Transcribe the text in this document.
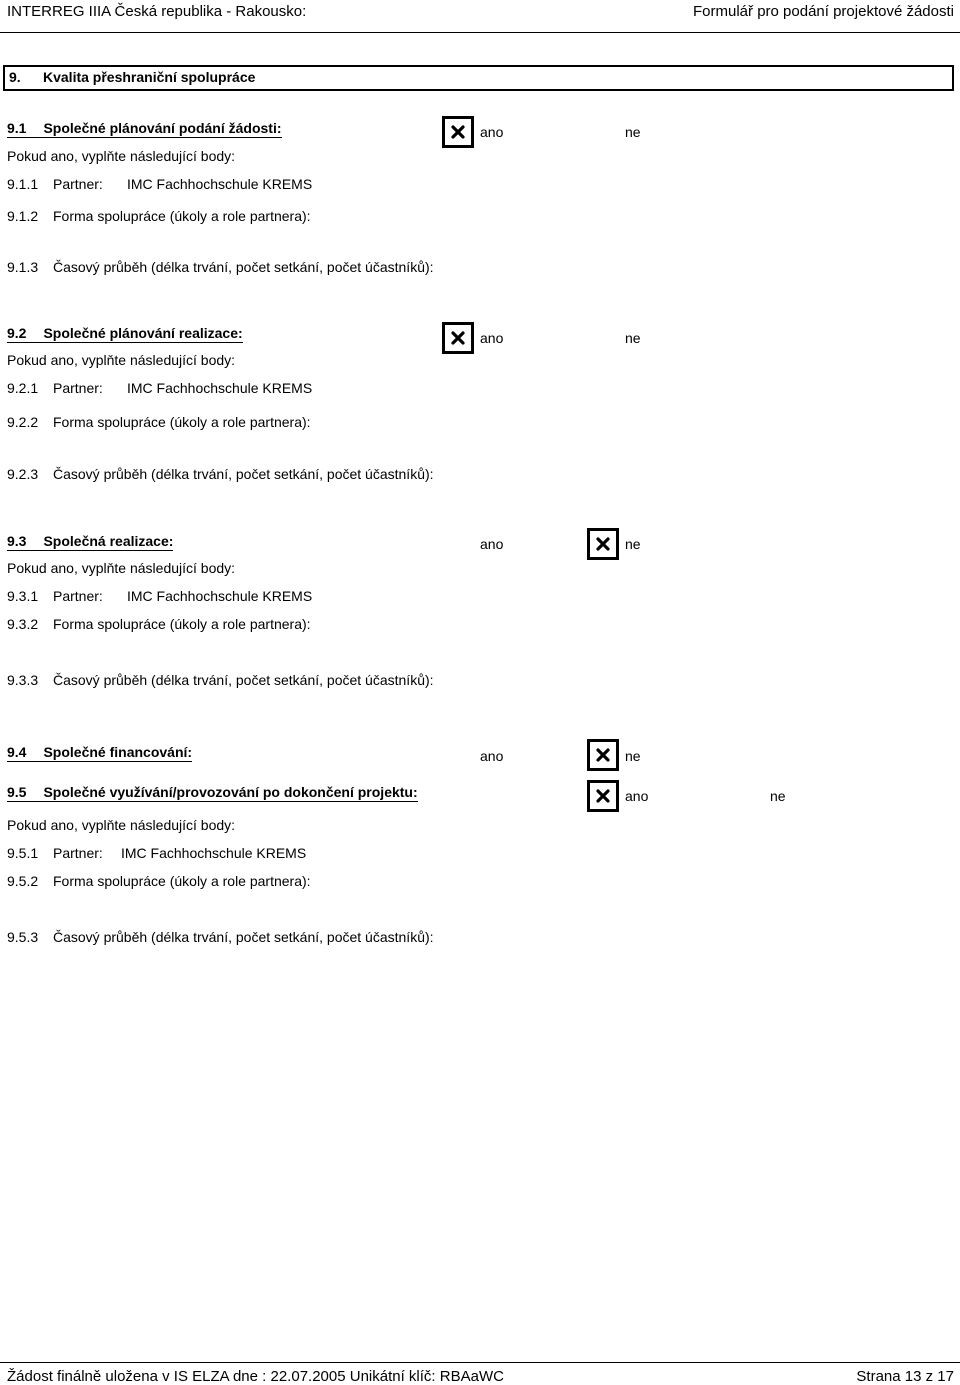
INTERREG IIIA Česká republika - Rakousko:	Formulář pro podání projektové žádosti
9. Kvalita přeshraniční spolupráce
9.1 Společné plánování podání žádosti:	ano	ne
Pokud ano, vyplňte následující body:
9.1.1 Partner: IMC Fachhochschule KREMS
9.1.2 Forma spolupráce (úkoly a role partnera):
9.1.3 Časový průběh (délka trvání, počet setkání, počet účastníků):
9.2 Společné plánování realizace:	ano	ne
Pokud ano, vyplňte následující body:
9.2.1 Partner: IMC Fachhochschule KREMS
9.2.2 Forma spolupráce (úkoly a role partnera):
9.2.3 Časový průběh (délka trvání, počet setkání, počet účastníků):
9.3 Společná realizace:	ano	ne
Pokud ano, vyplňte následující body:
9.3.1 Partner: IMC Fachhochschule KREMS
9.3.2 Forma spolupráce (úkoly a role partnera):
9.3.3 Časový průběh (délka trvání, počet setkání, počet účastníků):
9.4 Společné financování:	ano	ne
9.5 Společné využívání/provozování po dokončení projektu:	ano	ne
Pokud ano, vyplňte následující body:
9.5.1 Partner: IMC Fachhochschule KREMS
9.5.2 Forma spolupráce (úkoly a role partnera):
9.5.3 Časový průběh (délka trvání, počet setkání, počet účastníků):
Žádost finálně uložena v IS ELZA dne : 22.07.2005 Unikátní klíč: RBAaWC	Strana 13 z 17
